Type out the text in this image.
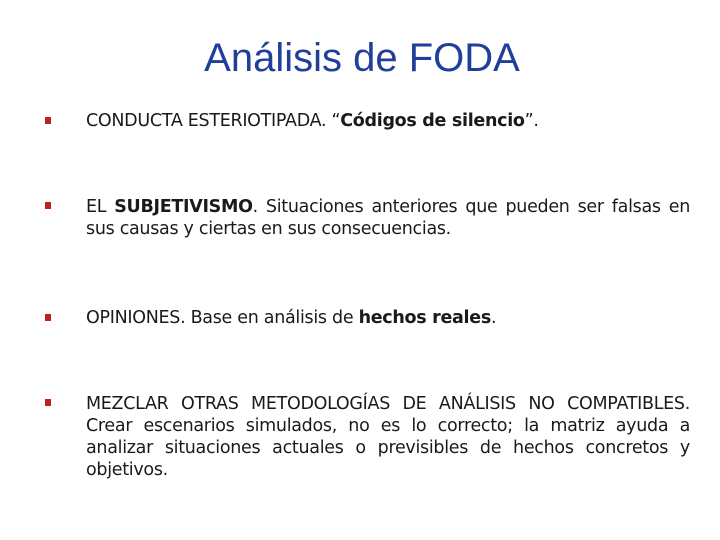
Análisis de FODA
CONDUCTA ESTERIOTIPADA. “Códigos de silencio”.
EL SUBJETIVISMO. Situaciones anteriores que pueden ser falsas en sus causas y ciertas en sus consecuencias.
OPINIONES. Base en análisis de hechos reales.
MEZCLAR OTRAS METODOLOGÍAS DE ANÁLISIS NO COMPATIBLES. Crear escenarios simulados, no es lo correcto; la matriz ayuda a analizar situaciones actuales o previsibles de hechos concretos y objetivos.
